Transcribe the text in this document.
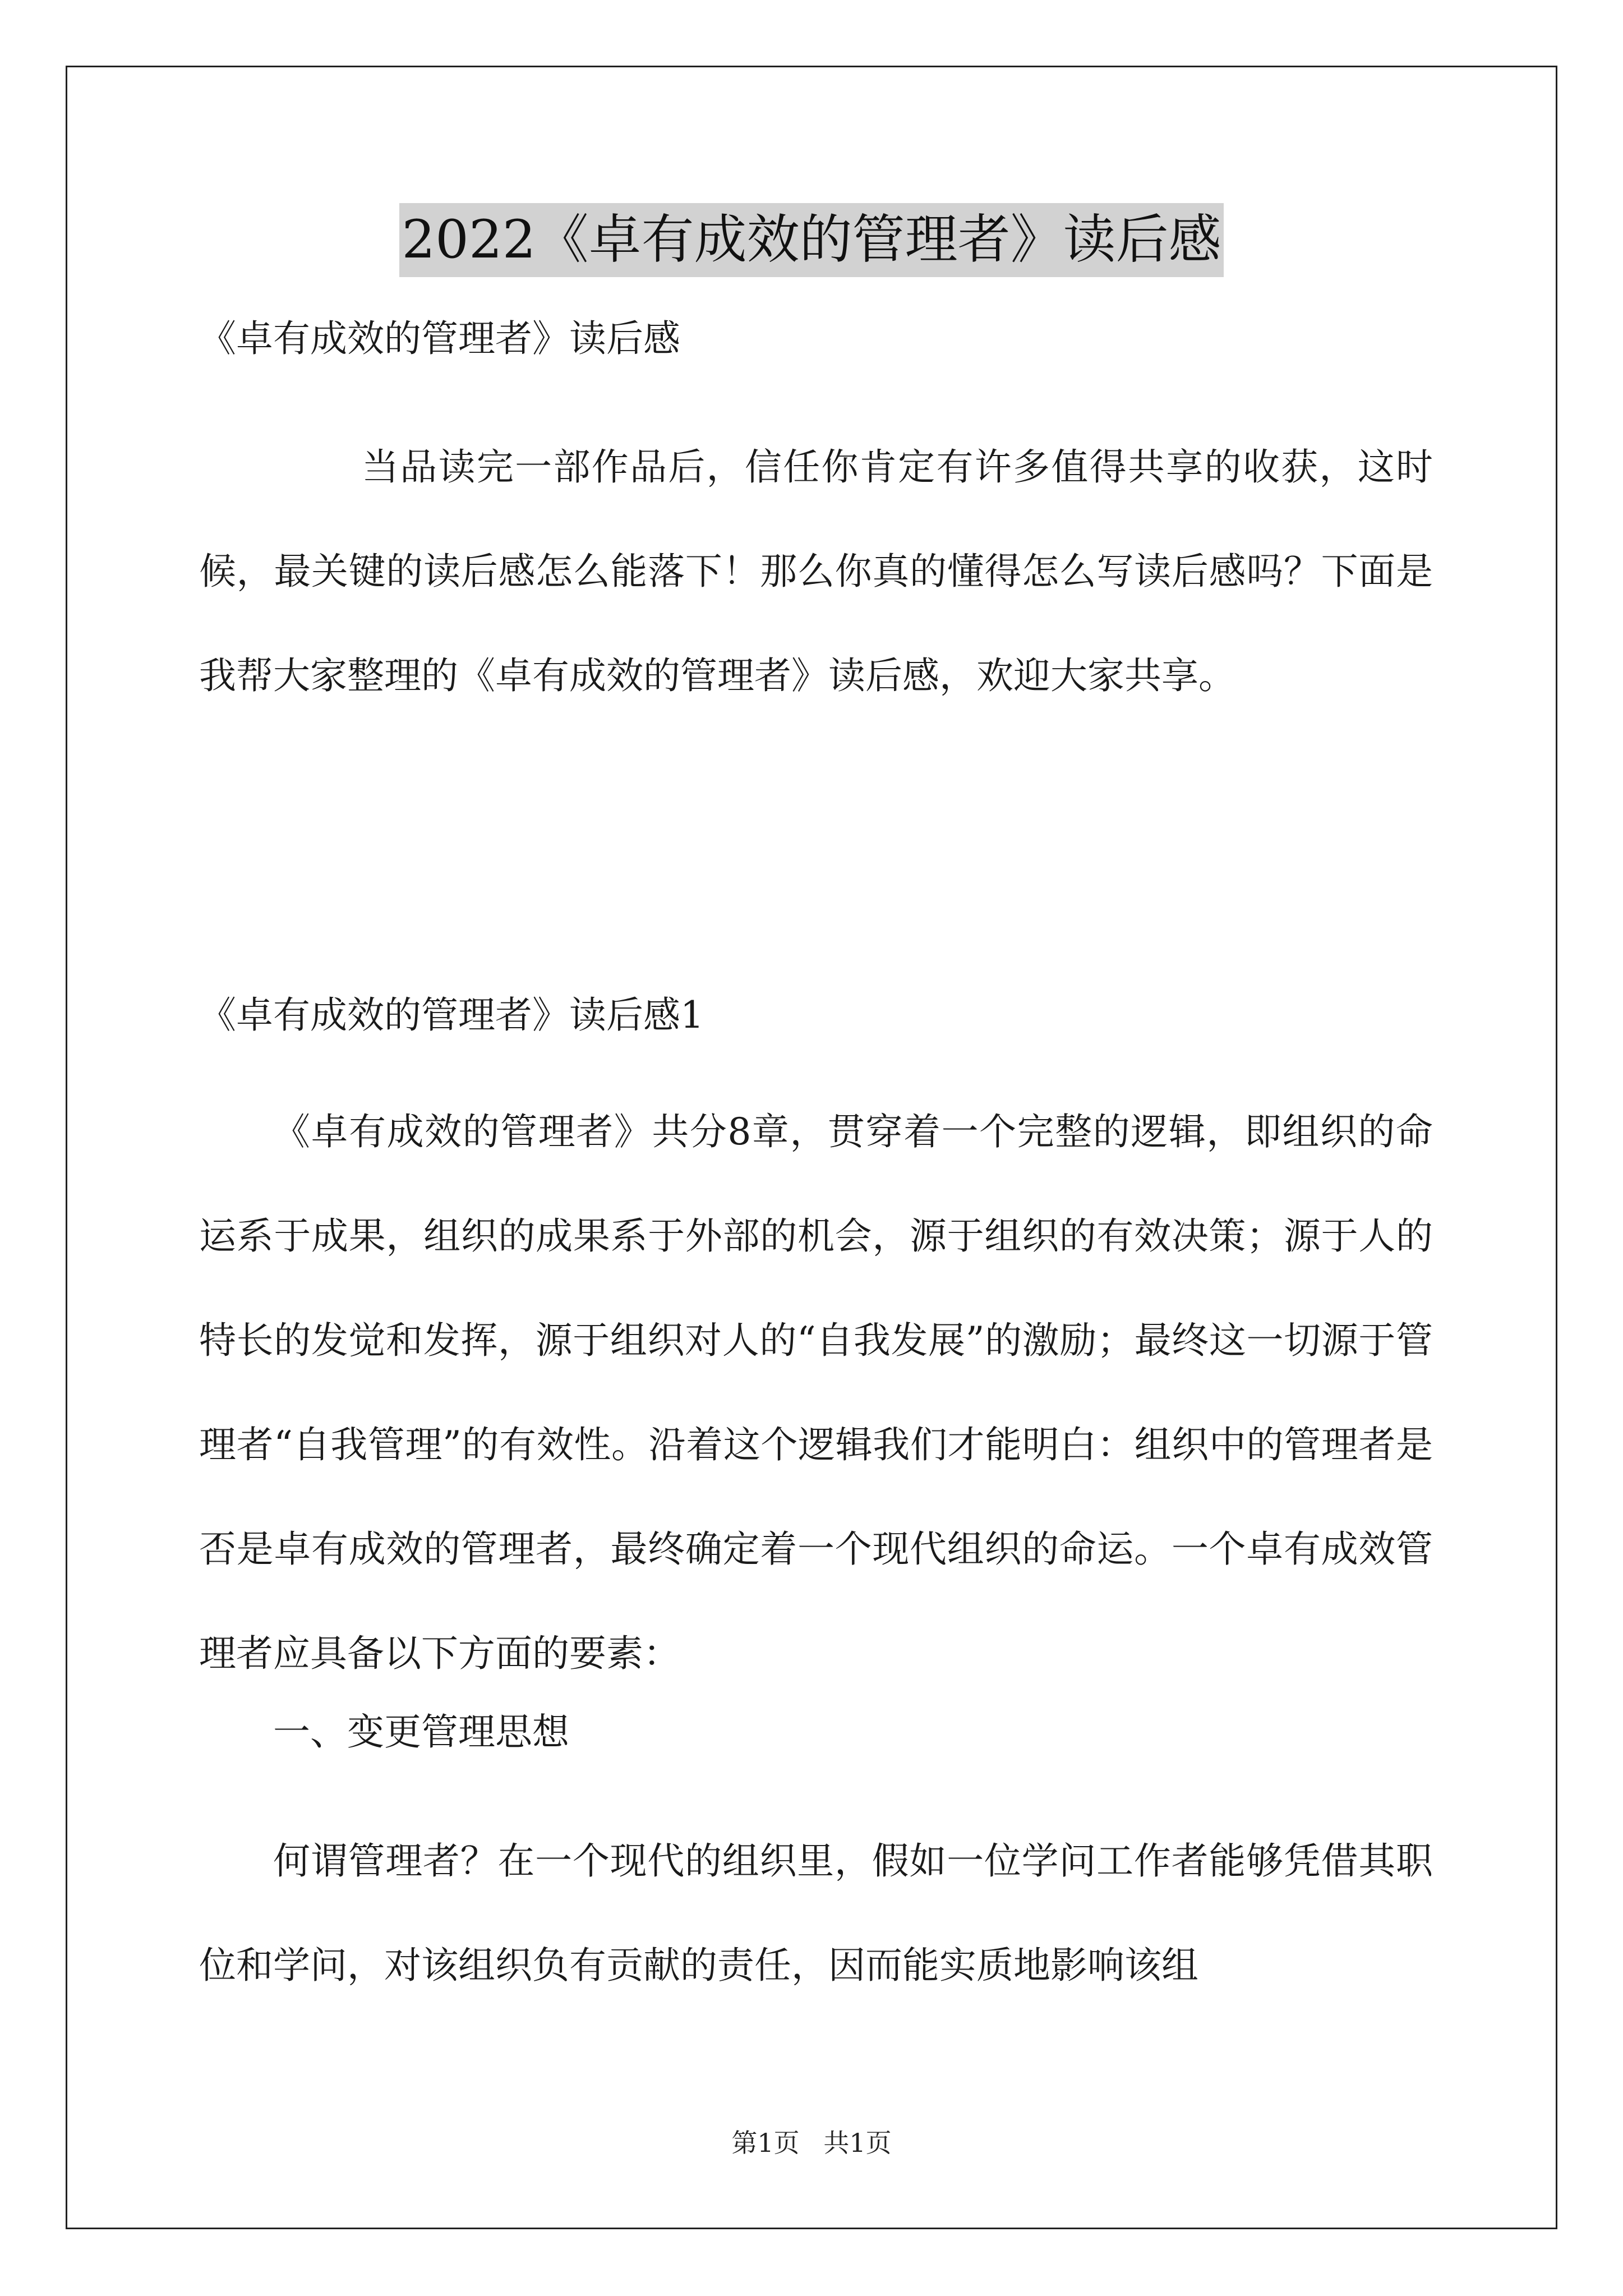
2022《卓有成效的管理者》读后感

《卓有成效的管理者》读后感

当品读完一部作品后，信任你肯定有许多值得共享的收获，这时候，最关键的读后感怎么能落下！那么你真的懂得怎么写读后感吗？下面是我帮大家整理的《卓有成效的管理者》读后感，欢迎大家共享。

《卓有成效的管理者》读后感1

《卓有成效的管理者》共分8章，贯穿着一个完整的逻辑，即组织的命运系于成果，组织的成果系于外部的机会，源于组织的有效决策；源于人的特长的发觉和发挥，源于组织对人的“自我发展”的激励；最终这一切源于管理者“自我管理”的有效性。沿着这个逻辑我们才能明白：组织中的管理者是否是卓有成效的管理者，最终确定着一个现代组织的命运。一个卓有成效管理者应具备以下方面的要素：

一、变更管理思想

何谓管理者？在一个现代的组织里，假如一位学问工作者能够凭借其职位和学问，对该组织负有贡献的责任，因而能实质地影响该组

第1页 共1页
